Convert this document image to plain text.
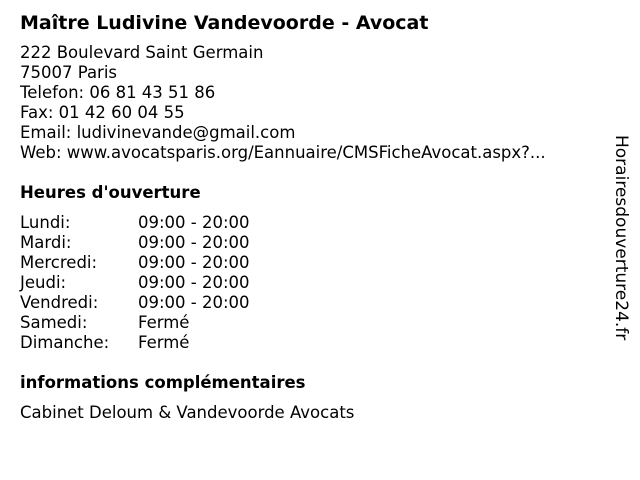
Maître Ludivine Vandevoorde - Avocat
222 Boulevard Saint Germain
75007 Paris
Telefon: 06 81 43 51 86
Fax: 01 42 60 04 55
Email: ludivinevande@gmail.com
Web: www.avocatsparis.org/Eannuaire/CMSFicheAvocat.aspx?...
Heures d'ouverture
Lundi:	09:00 - 20:00
Mardi:	09:00 - 20:00
Mercredi:	09:00 - 20:00
Jeudi:	09:00 - 20:00
Vendredi:	09:00 - 20:00
Samedi:	Fermé
Dimanche:	Fermé
informations complémentaires
Cabinet Deloum & Vandevoorde Avocats
Horairesdouverture24.fr
